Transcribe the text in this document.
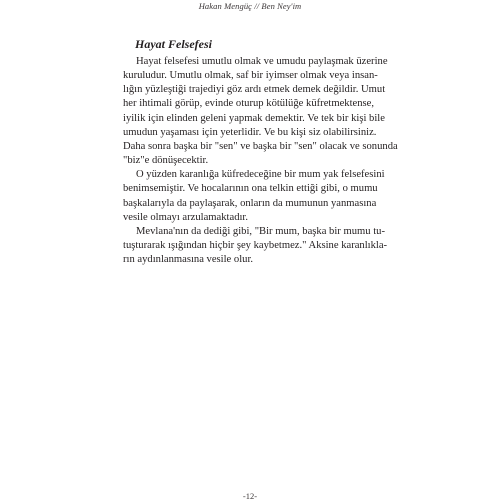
Hakan Mengüç // Ben Ney'im
Hayat Felsefesi

Hayat felsefesi umutlu olmak ve umudu paylaşmak üzerine
kuruludur. Umutlu olmak, saf bir iyimser olmak veya insan-
lığın yüzleştiği trajediyi göz ardı etmek demek değildir. Umut
her ihtimali görüp, evinde oturup kötülüğe küfretmektense,
iyilik için elinden geleni yapmak demektir. Ve tek bir kişi bile
umudun yaşaması için yeterlidir. Ve bu kişi siz olabilirsiniz.
Daha sonra başka bir "sen" ve başka bir "sen" olacak ve sonunda
"biz"e dönüşecektir.

O yüzden karanlığa küfredeceğine bir mum yak felsefesini
benimsemiştir. Ve hocalarının ona telkin ettiği gibi, o mumu
başkalarıyla da paylaşarak, onların da mumunun yanmasına
vesile olmayı arzulamaktadır.

Mevlana'nın da dediği gibi, "Bir mum, başka bir mumu tu-
tuşturarak ışığından hiçbir şey kaybetmez." Aksine karanlıkla-
rın aydınlanmasına vesile olur.

-12-
